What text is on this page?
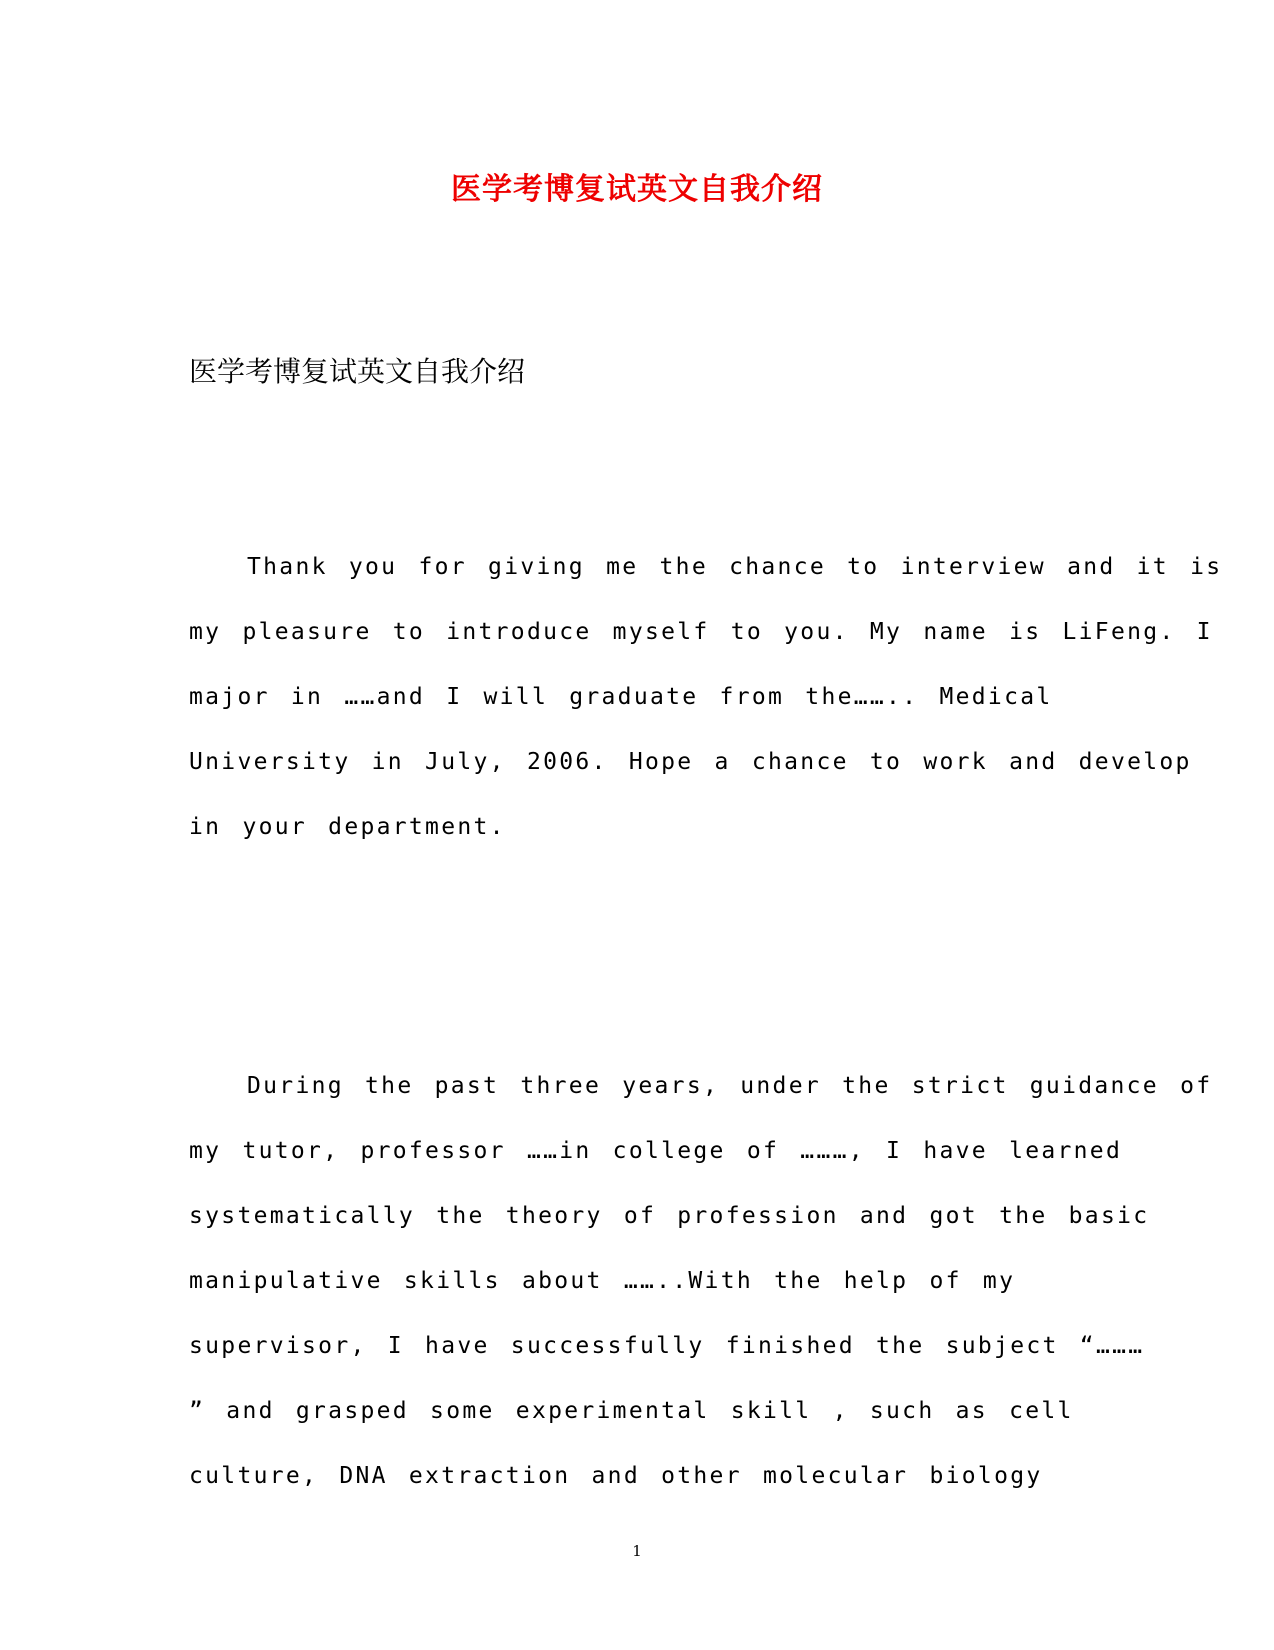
医学考博复试英文自我介绍
医学考博复试英文自我介绍
Thank you for giving me the chance to interview and it is
my pleasure to introduce myself to you. My name is LiFeng. I
major in ……and I will graduate from the…….. Medical
University in July, 2006. Hope a chance to work and develop
in your department.
During the past three years, under the strict guidance of
my tutor, professor ……in college of ………, I have learned
systematically the theory of profession and got the basic
manipulative skills about ……..With the help of my
supervisor, I have successfully finished the subject “………
” and grasped some experimental skill , such as cell
culture, DNA extraction and other molecular biology
1
